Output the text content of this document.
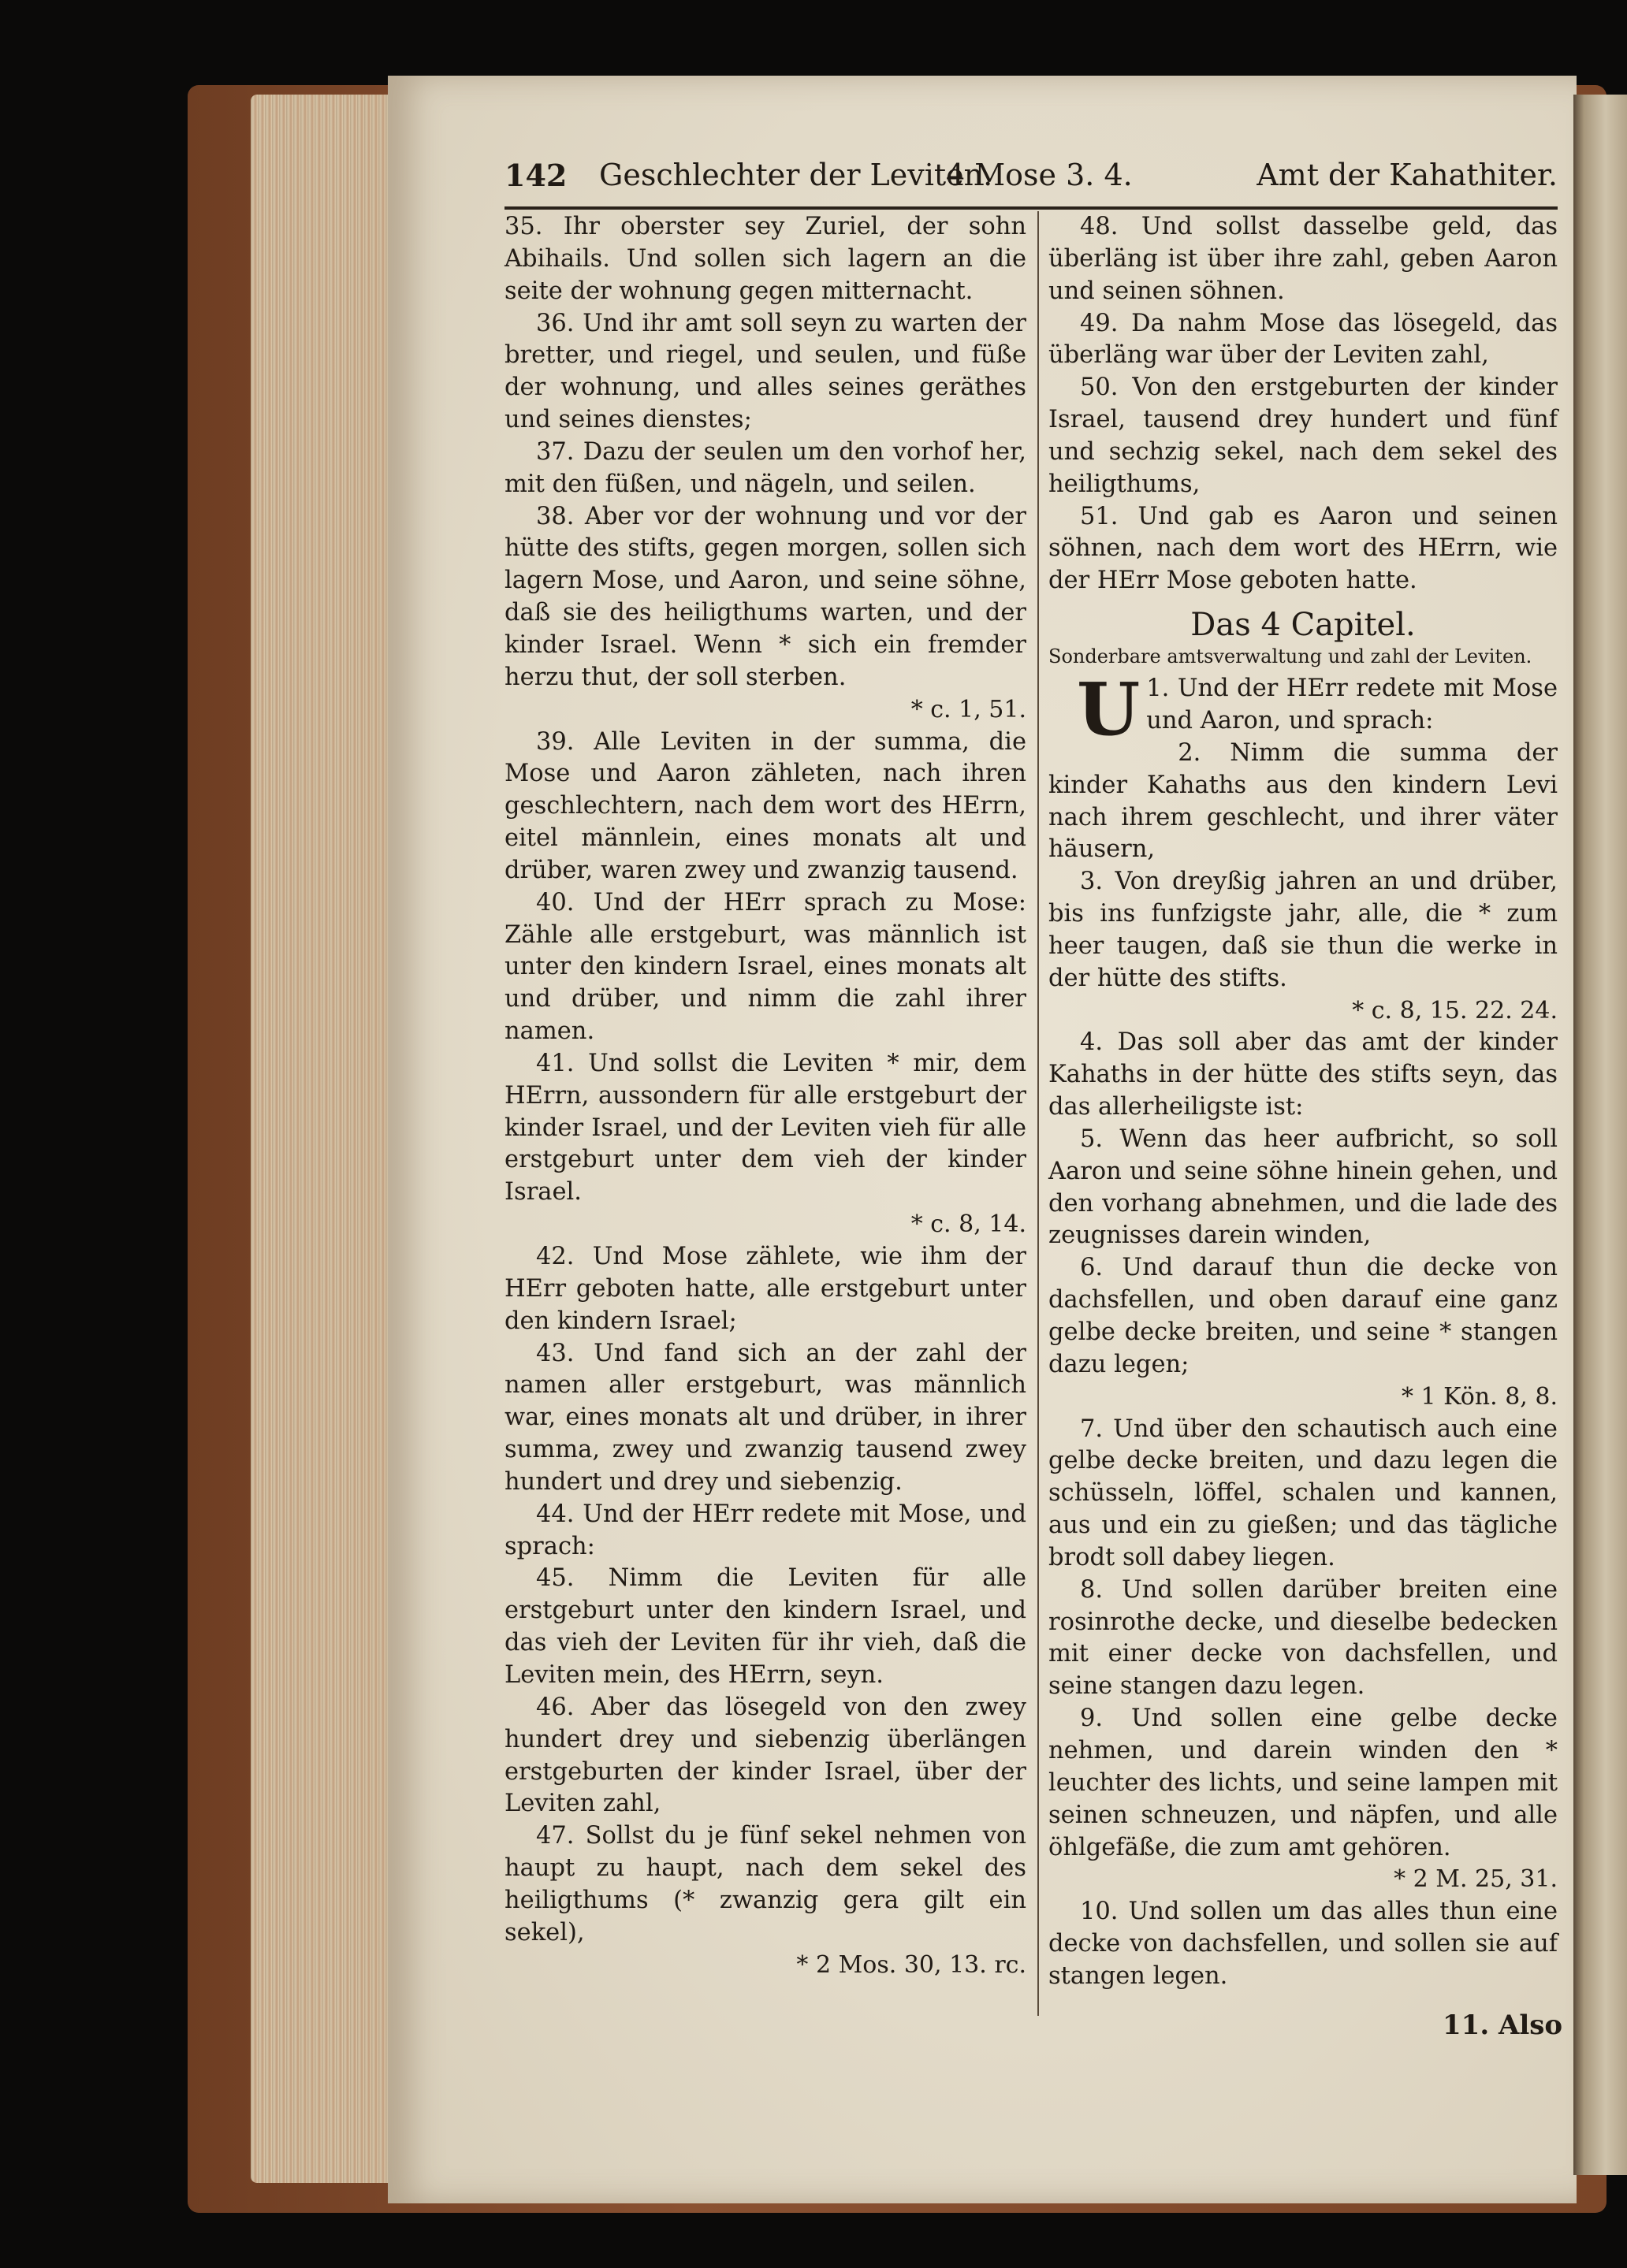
142 Geschlechter der Leviten.
4 Mose 3. 4.	Amt der Kahathiter.

35. Ihr oberster sey Zuriel, der sohn Abihails. Und sollen sich lagern an die seite der wohnung gegen mitternacht.

36. Und ihr amt soll seyn zu warten der bretter, und riegel, und seulen, und füße der wohnung, und alles seines geräthes und seines dienstes;

37. Dazu der seulen um den vorhof her, mit den füßen, und nägeln, und seilen.

38. Aber vor der wohnung und vor der hütte des stifts, gegen morgen, sollen sich lagern Mose, und Aaron, und seine söhne, daß sie des heiligthums warten, und der kinder Israel. Wenn * sich ein fremder herzu thut, der soll sterben.

* c. 1, 51.

39. Alle Leviten in der summa, die Mose und Aaron zähleten, nach ihren geschlechtern, nach dem wort des HErrn, eitel männlein, eines monats alt und drüber, waren zwey und zwanzig tausend.

40. Und der HErr sprach zu Mose: Zähle alle erstgeburt, was männlich ist unter den kindern Israel, eines monats alt und drüber, und nimm die zahl ihrer namen.

41. Und sollst die Leviten * mir, dem HErrn, aussondern für alle erstgeburt der kinder Israel, und der Leviten vieh für alle erstgeburt unter dem vieh der kinder Israel.

* c. 8, 14.

42. Und Mose zählete, wie ihm der HErr geboten hatte, alle erstgeburt unter den kindern Israel;

43. Und fand sich an der zahl der namen aller erstgeburt, was männlich war, eines monats alt und drüber, in ihrer summa, zwey und zwanzig tausend zwey hundert und drey und siebenzig.

44. Und der HErr redete mit Mose, und sprach:

45. Nimm die Leviten für alle erstgeburt unter den kindern Israel, und das vieh der Leviten für ihr vieh, daß die Leviten mein, des HErrn, seyn.

46. Aber das lösegeld von den zwey hundert drey und siebenzig überlängen erstgeburten der kinder Israel, über der Leviten zahl,

47. Sollst du je fünf sekel nehmen von haupt zu haupt, nach dem sekel des heiligthums (* zwanzig gera gilt ein sekel),

* 2 Mos. 30, 13. rc.

48. Und sollst dasselbe geld, das überläng ist über ihre zahl, geben Aaron und seinen söhnen.

49. Da nahm Mose das lösegeld, das überläng war über der Leviten zahl,

50. Von den erstgeburten der kinder Israel, tausend drey hundert und fünf und sechzig sekel, nach dem sekel des heiligthums,

51. Und gab es Aaron und seinen söhnen, nach dem wort des HErrn, wie der HErr Mose geboten hatte.

Das 4 Capitel.
Sonderbare amtsverwaltung und zahl der Leviten.

U 1. Und der HErr redete mit Mose und Aaron, und sprach:

2. Nimm die summa der kinder Kahaths aus den kindern Levi nach ihrem geschlecht, und ihrer väter häusern,

3. Von dreyßig jahren an und drüber, bis ins funfzigste jahr, alle, die * zum heer taugen, daß sie thun die werke in der hütte des stifts.

* c. 8, 15. 22. 24.

4. Das soll aber das amt der kinder Kahaths in der hütte des stifts seyn, das das allerheiligste ist:

5. Wenn das heer aufbricht, so soll Aaron und seine söhne hinein gehen, und den vorhang abnehmen, und die lade des zeugnisses darein winden,

6. Und darauf thun die decke von dachsfellen, und oben darauf eine ganz gelbe decke breiten, und seine * stangen dazu legen;

* 1 Kön. 8, 8.

7. Und über den schautisch auch eine gelbe decke breiten, und dazu legen die schüsseln, löffel, schalen und kannen, aus und ein zu gießen; und das tägliche brodt soll dabey liegen.

8. Und sollen darüber breiten eine rosinrothe decke, und dieselbe bedecken mit einer decke von dachsfellen, und seine stangen dazu legen.

9. Und sollen eine gelbe decke nehmen, und darein winden den * leuchter des lichts, und seine lampen mit seinen schneuzen, und näpfen, und alle öhlgefäße, die zum amt gehören.

* 2 M. 25, 31.

10. Und sollen um das alles thun eine decke von dachsfellen, und sollen sie auf stangen legen.

11. Also
